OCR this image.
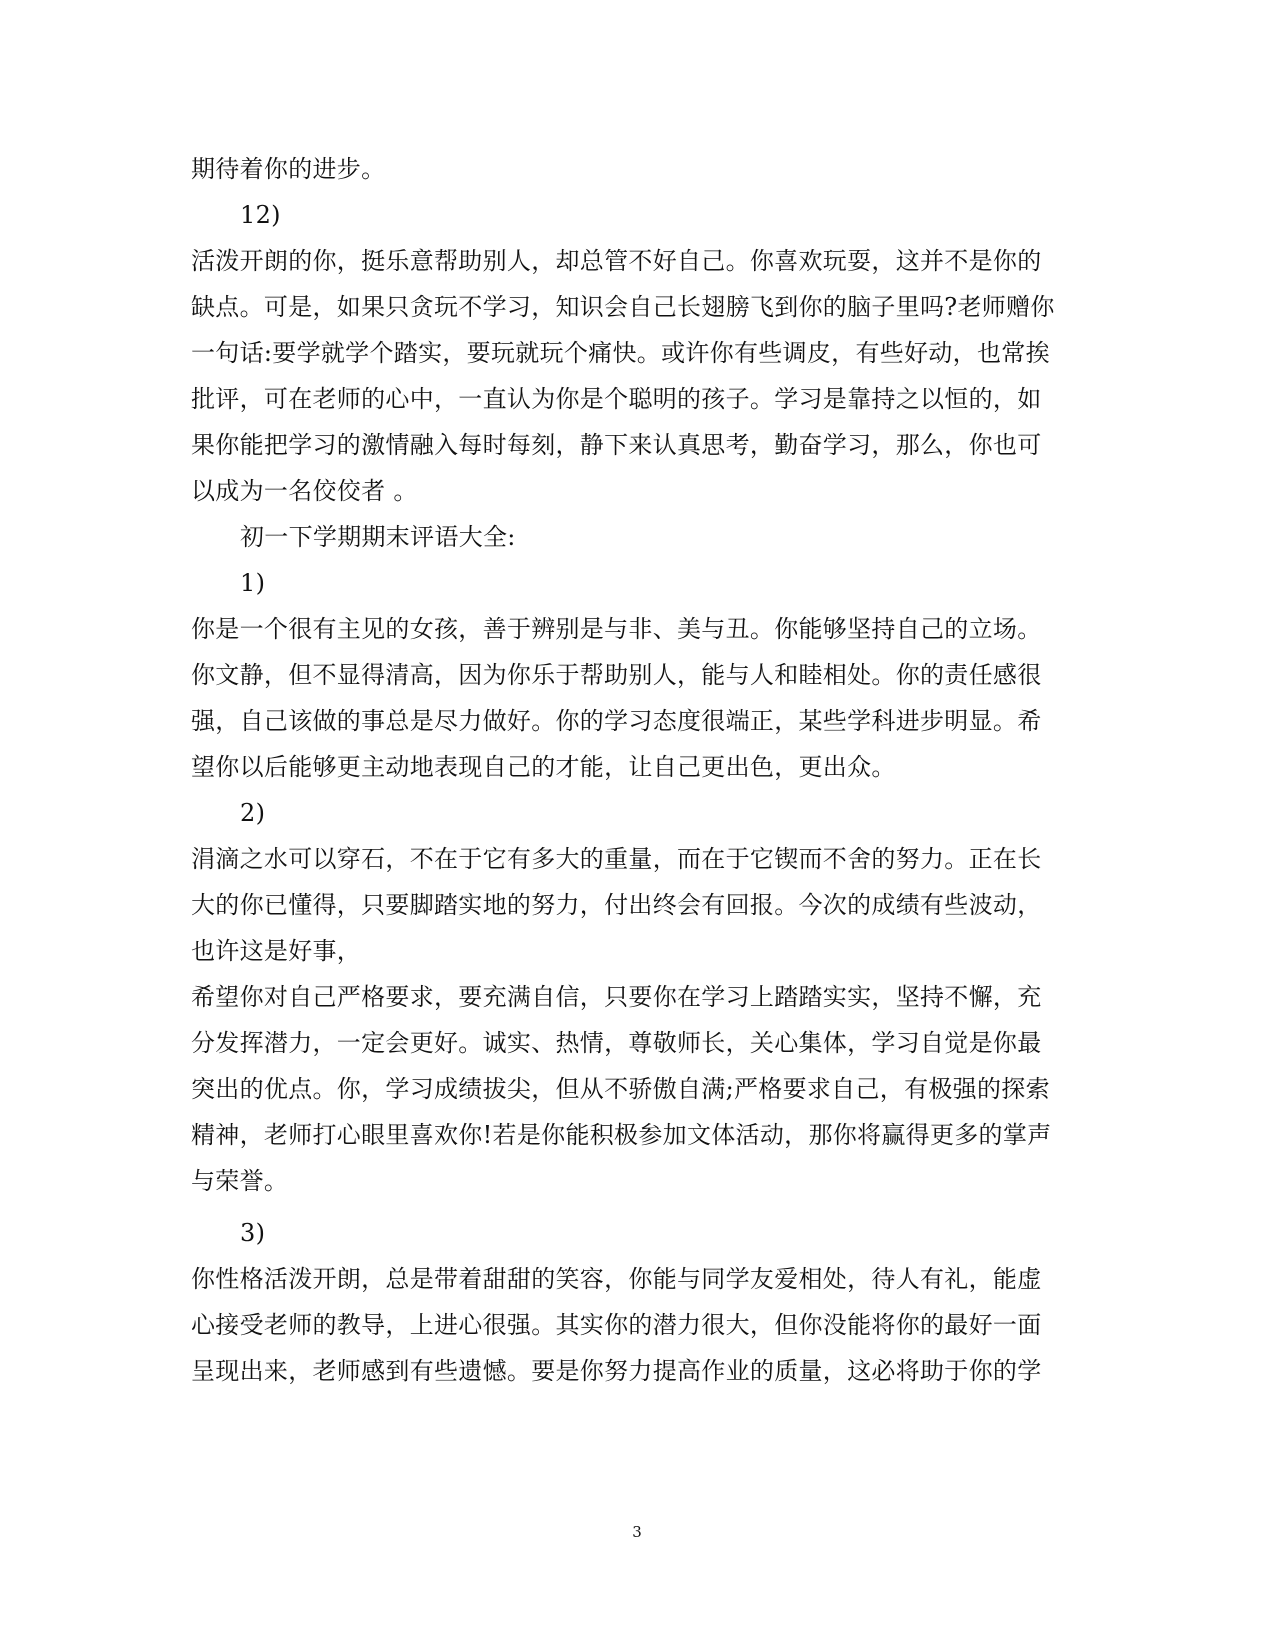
期待着你的进步。
12)
活泼开朗的你，挺乐意帮助别人，却总管不好自己。你喜欢玩耍，这并不是你的
缺点。可是，如果只贪玩不学习，知识会自己长翅膀飞到你的脑子里吗?老师赠你
一句话:要学就学个踏实，要玩就玩个痛快。或许你有些调皮，有些好动，也常挨
批评，可在老师的心中，一直认为你是个聪明的孩子。学习是靠持之以恒的，如
果你能把学习的激情融入每时每刻，静下来认真思考，勤奋学习，那么，你也可
以成为一名佼佼者 。
初一下学期期末评语大全:
1)
你是一个很有主见的女孩，善于辨别是与非、美与丑。你能够坚持自己的立场。
你文静，但不显得清高，因为你乐于帮助别人，能与人和睦相处。你的责任感很
强，自己该做的事总是尽力做好。你的学习态度很端正，某些学科进步明显。希
望你以后能够更主动地表现自己的才能，让自己更出色，更出众。
2)
涓滴之水可以穿石，不在于它有多大的重量，而在于它锲而不舍的努力。正在长
大的你已懂得，只要脚踏实地的努力，付出终会有回报。今次的成绩有些波动，
也许这是好事，
希望你对自己严格要求，要充满自信，只要你在学习上踏踏实实，坚持不懈，充
分发挥潜力，一定会更好。诚实、热情，尊敬师长，关心集体，学习自觉是你最
突出的优点。你，学习成绩拔尖，但从不骄傲自满;严格要求自己，有极强的探索
精神，老师打心眼里喜欢你!若是你能积极参加文体活动，那你将赢得更多的掌声
与荣誉。
3)
你性格活泼开朗，总是带着甜甜的笑容，你能与同学友爱相处，待人有礼，能虚
心接受老师的教导，上进心很强。其实你的潜力很大，但你没能将你的最好一面
呈现出来，老师感到有些遗憾。要是你努力提高作业的质量，这必将助于你的学
3
